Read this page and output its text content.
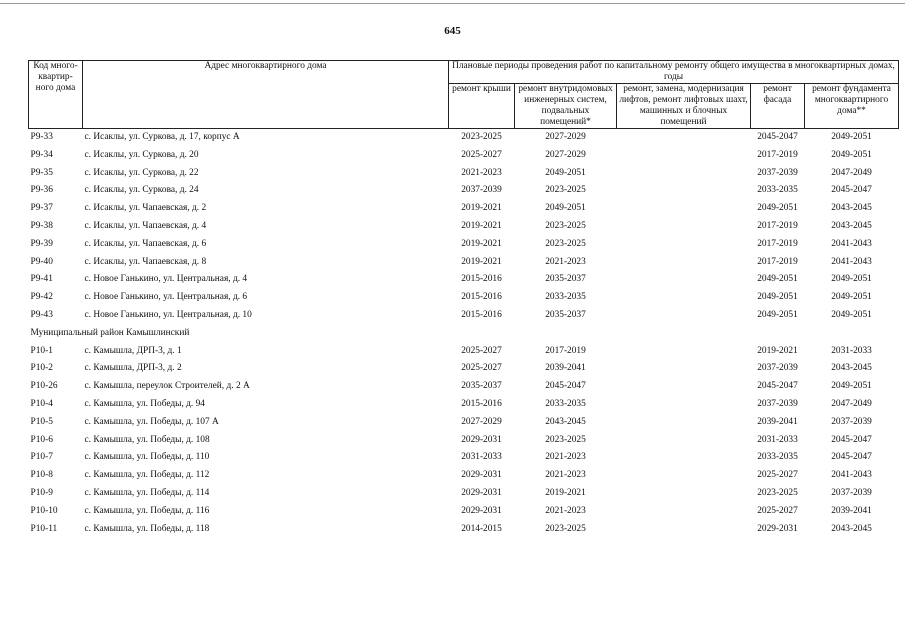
645
Код много-квартир-ного дома	Адрес многоквартирного дома	Плановые периоды проведения работ по капитальному ремонту общего имущества в многоквартирных домах, годы				
		ремонт крыши	ремонт внутридомовых инженерных систем, подвальных помещений*	ремонт, замена, модернизация лифтов, ремонт лифтовых шахт, машинных и блочных помещений	ремонт фасада	ремонт фундамента многоквартирного дома**
Р9-33	с. Исаклы, ул. Суркова, д. 17, корпус А	2023-2025	2027-2029		2045-2047	2049-2051
Р9-34	с. Исаклы, ул. Суркова, д. 20	2025-2027	2027-2029		2017-2019	2049-2051
Р9-35	с. Исаклы, ул. Суркова, д. 22	2021-2023	2049-2051		2037-2039	2047-2049
Р9-36	с. Исаклы, ул. Суркова, д. 24	2037-2039	2023-2025		2033-2035	2045-2047
Р9-37	с. Исаклы, ул. Чапаевская, д. 2	2019-2021	2049-2051		2049-2051	2043-2045
Р9-38	с. Исаклы, ул. Чапаевская, д. 4	2019-2021	2023-2025		2017-2019	2043-2045
Р9-39	с. Исаклы, ул. Чапаевская, д. 6	2019-2021	2023-2025		2017-2019	2041-2043
Р9-40	с. Исаклы, ул. Чапаевская, д. 8	2019-2021	2021-2023		2017-2019	2041-2043
Р9-41	с. Новое Ганькино, ул. Центральная, д. 4	2015-2016	2035-2037		2049-2051	2049-2051
Р9-42	с. Новое Ганькино, ул. Центральная, д. 6	2015-2016	2033-2035		2049-2051	2049-2051
Р9-43	с. Новое Ганькино, ул. Центральная, д. 10	2015-2016	2035-2037		2049-2051	2049-2051
Муниципальный район Камышлинский						
Р10-1	с. Камышла, ДРП-3, д. 1	2025-2027	2017-2019		2019-2021	2031-2033
Р10-2	с. Камышла, ДРП-3, д. 2	2025-2027	2039-2041		2037-2039	2043-2045
Р10-26	с. Камышла, переулок Строителей, д. 2 А	2035-2037	2045-2047		2045-2047	2049-2051
Р10-4	с. Камышла, ул. Победы, д. 94	2015-2016	2033-2035		2037-2039	2047-2049
Р10-5	с. Камышла, ул. Победы, д. 107 А	2027-2029	2043-2045		2039-2041	2037-2039
Р10-6	с. Камышла, ул. Победы, д. 108	2029-2031	2023-2025		2031-2033	2045-2047
Р10-7	с. Камышла, ул. Победы, д. 110	2031-2033	2021-2023		2033-2035	2045-2047
Р10-8	с. Камышла, ул. Победы, д. 112	2029-2031	2021-2023		2025-2027	2041-2043
Р10-9	с. Камышла, ул. Победы, д. 114	2029-2031	2019-2021		2023-2025	2037-2039
Р10-10	с. Камышла, ул. Победы, д. 116	2029-2031	2021-2023		2025-2027	2039-2041
Р10-11	с. Камышла, ул. Победы, д. 118	2014-2015	2023-2025		2029-2031	2043-2045
